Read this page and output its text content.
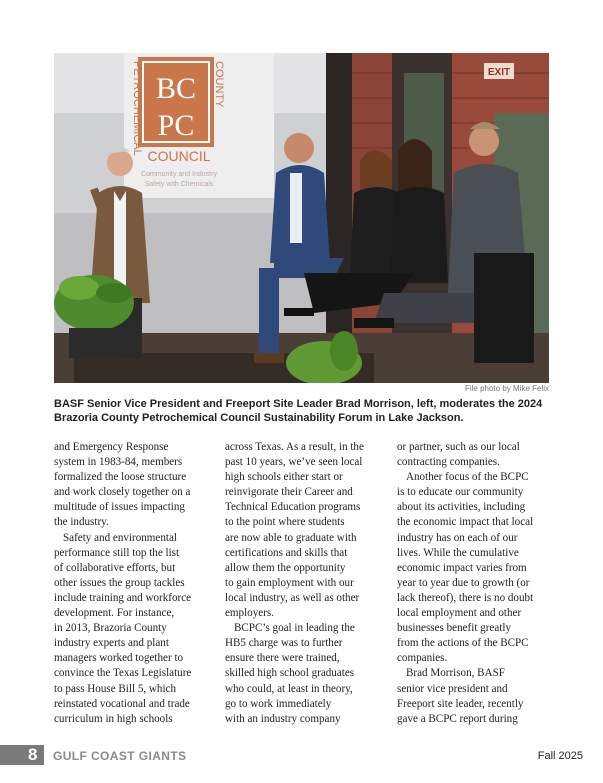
EXIT
BC
PC
PETROCHEMICAL	COUNTY
COUNCIL
Community and Industry
Safety with Chemicals
File photo by Mike Felix
BASF Senior Vice President and Freeport Site Leader Brad Morrison, left, moderates the 2024 Brazoria County Petrochemical Council Sustainability Forum in Lake Jackson.

and Emergency Response
system in 1983-84, members
formalized the loose structure
and work closely together on a
multitude of issues impacting
the industry.

Safety and environmental
performance still top the list
of collaborative efforts, but
other issues the group tackles
include training and workforce
development. For instance,
in 2013, Brazoria County
industry experts and plant
managers worked together to
convince the Texas Legislature
to pass House Bill 5, which
reinstated vocational and trade
curriculum in high schools

across Texas. As a result, in the
past 10 years, we’ve seen local
high schools either start or
reinvigorate their Career and
Technical Education programs
to the point where students
are now able to graduate with
certifications and skills that
allow them the opportunity
to gain employment with our
local industry, as well as other
employers.

BCPC’s goal in leading the
HB5 charge was to further
ensure there were trained,
skilled high school graduates
who could, at least in theory,
go to work immediately
with an industry company

or partner, such as our local
contracting companies.

Another focus of the BCPC
is to educate our community
about its activities, including
the economic impact that local
industry has on each of our
lives. While the cumulative
economic impact varies from
year to year due to growth (or
lack thereof), there is no doubt
local employment and other
businesses benefit greatly
from the actions of the BCPC
companies.

Brad Morrison, BASF
senior vice president and
Freeport site leader, recently
gave a BCPC report during

8 GULF COAST GIANTS	Fall 2025
